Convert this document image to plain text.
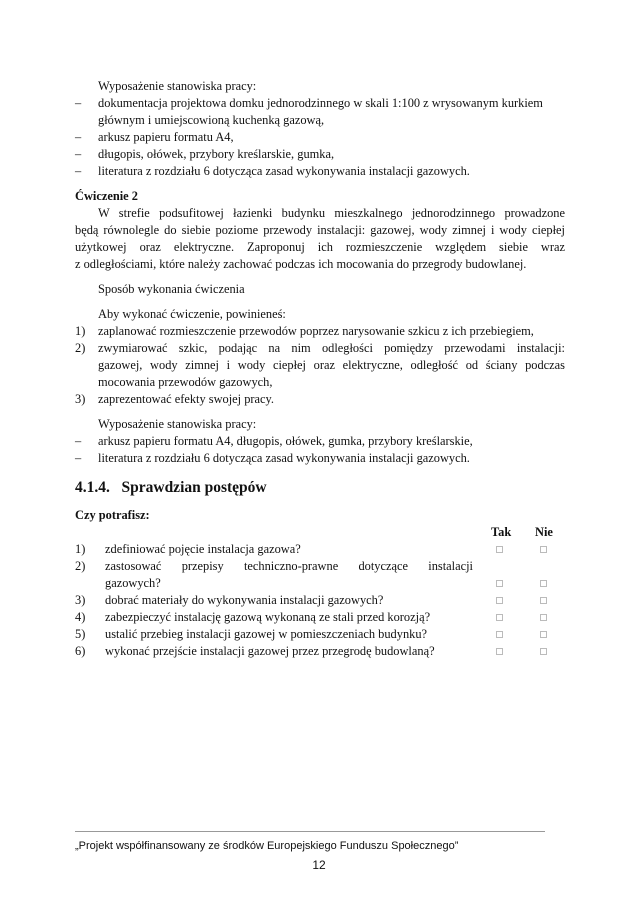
Wyposażenie stanowiska pracy:
– dokumentacja projektowa domku jednorodzinnego w skali 1:100 z wrysowanym kurkiem
głównym i umiejscowioną kuchenką gazową,
– arkusz papieru formatu A4,
– długopis, ołówek, przybory kreślarskie, gumka,
– literatura z rozdziału 6 dotycząca zasad wykonywania instalacji gazowych.
Ćwiczenie 2
W strefie podsufitowej łazienki budynku mieszkalnego jednorodzinnego prowadzone
będą równolegle do siebie poziome przewody instalacji: gazowej, wody zimnej i wody ciepłej
użytkowej oraz elektryczne. Zaproponuj ich rozmieszczenie względem siebie wraz
z odległościami, które należy zachować podczas ich mocowania do przegrody budowlanej.
Sposób wykonania ćwiczenia
Aby wykonać ćwiczenie, powinieneś:
1) zaplanować rozmieszczenie przewodów poprzez narysowanie szkicu z ich przebiegiem,
2) zwymiarować szkic, podając na nim odległości pomiędzy przewodami instalacji:
gazowej, wody zimnej i wody ciepłej oraz elektryczne, odległość od ściany podczas
mocowania przewodów gazowych,
3) zaprezentować efekty swojej pracy.
Wyposażenie stanowiska pracy:
– arkusz papieru formatu A4, długopis, ołówek, gumka, przybory kreślarskie,
– literatura z rozdziału 6 dotycząca zasad wykonywania instalacji gazowych.
4.1.4.   Sprawdzian postępów
Czy potrafisz:
Tak Nie
1) zdefiniować pojęcie instalacja gazowa?
2) zastosować przepisy techniczno-prawne dotyczące instalacji
gazowych?
3) dobrać materiały do wykonywania instalacji gazowych?
4) zabezpieczyć instalację gazową wykonaną ze stali przed korozją?
5) ustalić przebieg instalacji gazowej w pomieszczeniach budynku?
6) wykonać przejście instalacji gazowej przez przegrodę budowlaną?
„Projekt współfinansowany ze środków Europejskiego Funduszu Społecznego”
12
